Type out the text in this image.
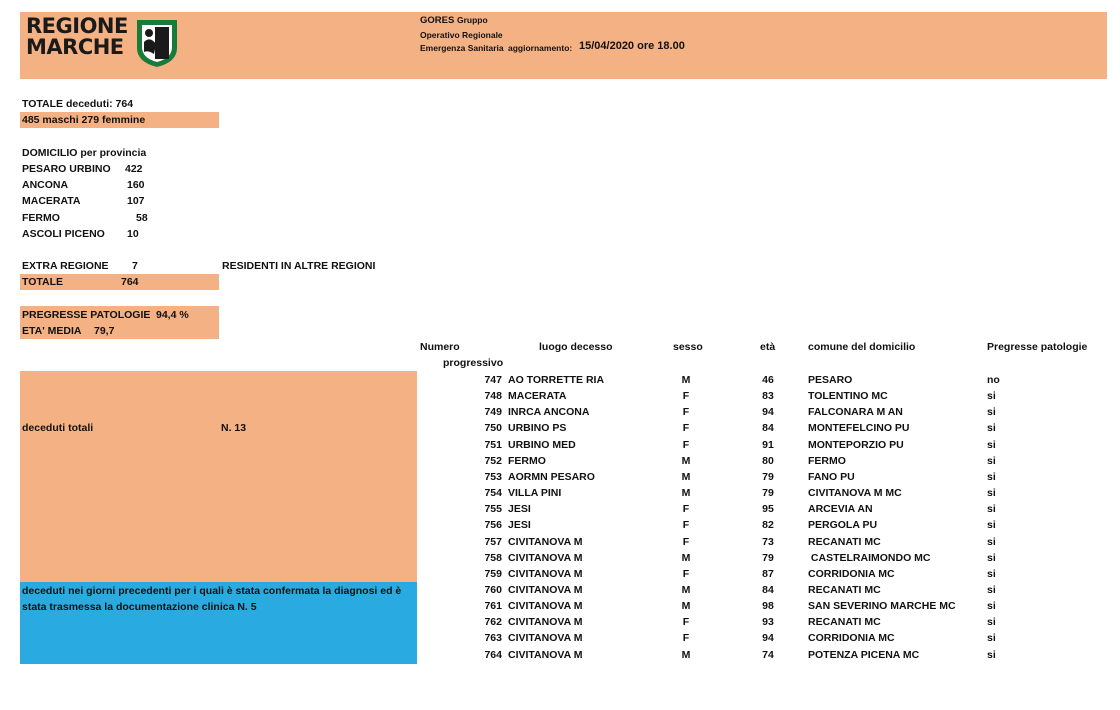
REGIONE
MARCHE
GORES Gruppo
Operativo Regionale
Emergenza Sanitaria aggiornamento: 15/04/2020 ore 18.00
TOTALE deceduti: 764
485 maschi 279 femmine
DOMICILIO per provincia
PESARO URBINO 422
ANCONA	160
MACERATA	107
FERMO	58
ASCOLI PICENO 10
EXTRA REGIONE 7	RESIDENTI IN ALTRE REGIONI
TOTALE	764
PREGRESSE PATOLOGIE 94,4 %
ETA' MEDIA 79,7
deceduti totali	N. 13
deceduti nei giorni precedenti per i quali è stata confermata la diagnosi ed è
stata trasmessa la documentazione clinica N. 5
Numero
progressivo
luogo decesso	sesso	età	comune del domicilio	Pregresse patologie
747 AO TORRETTE RIA	M	46	PESARO	no
748 MACERATA	F	83	TOLENTINO MC	si
749 INRCA ANCONA	F	94	FALCONARA M AN	si
750 URBINO PS	F	84	MONTEFELCINO PU	si
751 URBINO MED	F	91	MONTEPORZIO PU	si
752 FERMO	M	80	FERMO	si
753 AORMN PESARO	M	79	FANO PU	si
754 VILLA PINI	M	79	CIVITANOVA M MC	si
755 JESI	F	95	ARCEVIA AN	si
756 JESI	F	82	PERGOLA PU	si
757 CIVITANOVA M	F	73	RECANATI MC	si
758 CIVITANOVA M	M	79	CASTELRAIMONDO MC	si
759 CIVITANOVA M	F	87	CORRIDONIA MC	si
760 CIVITANOVA M	M	84	RECANATI MC	si
761 CIVITANOVA M	M	98	SAN SEVERINO MARCHE MC	si
762 CIVITANOVA M	F	93	RECANATI MC	si
763 CIVITANOVA M	F	94	CORRIDONIA MC	si
764 CIVITANOVA M	M	74	POTENZA PICENA MC	si
